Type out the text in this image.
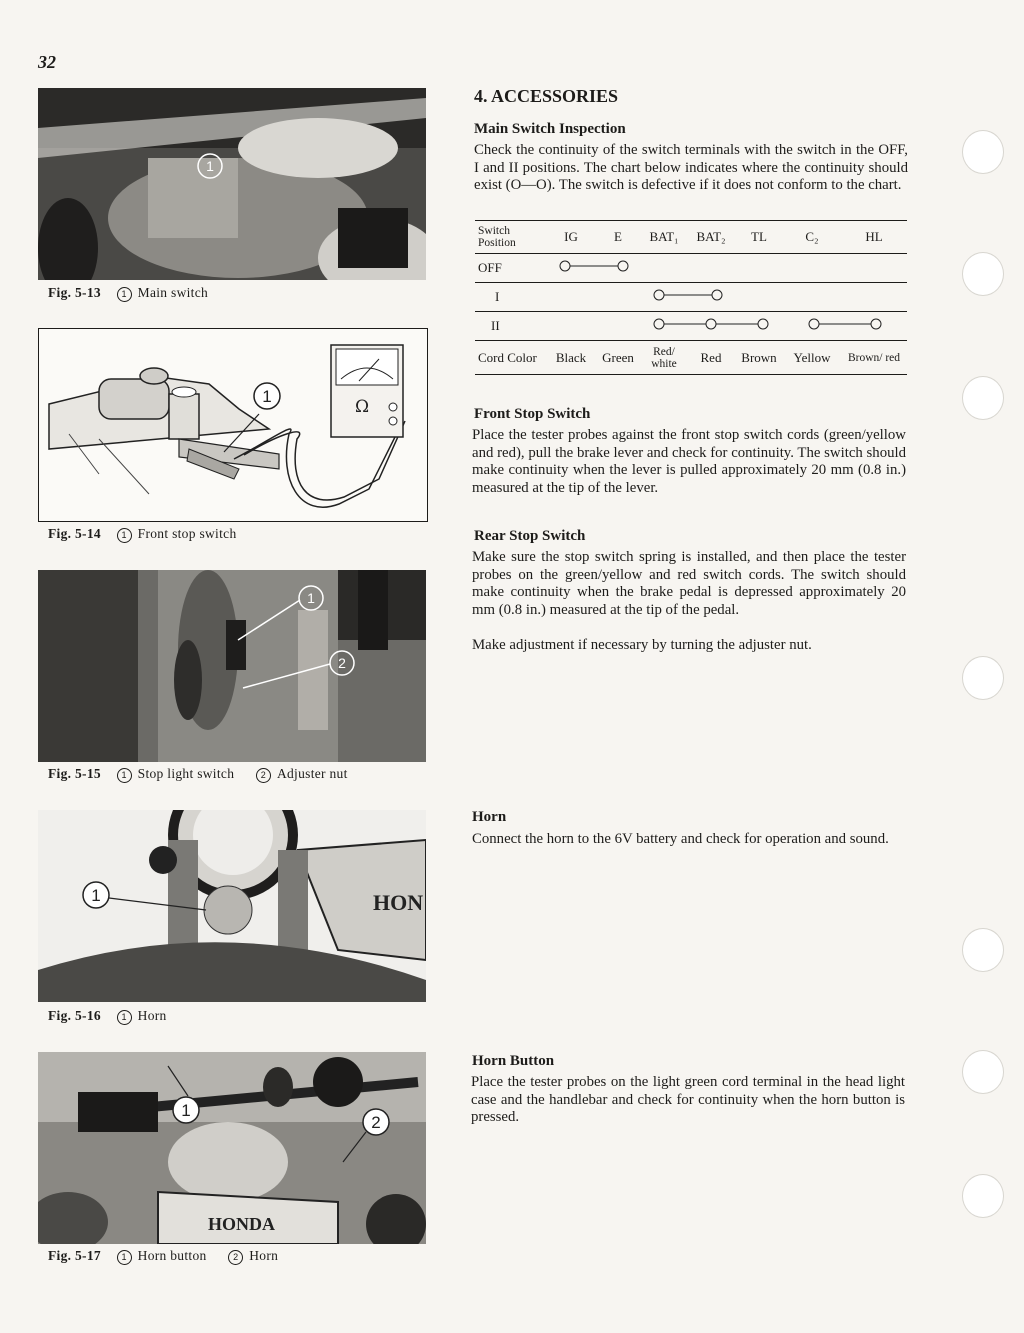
32
1
Fig. 5-13 1 Main switch
1
Ω
Fig. 5-14 1 Front stop switch
1
2
Fig. 5-15 1 Stop light switch	2 Adjuster nut
1	HON
Fig. 5-16 1 Horn
HONDA
1
2
Fig. 5-17 1 Horn button	2 Horn
4. ACCESSORIES
Main Switch Inspection

Check the continuity of the switch terminals with the switch in the OFF, I and II positions. The chart below indicates where the continuity should exist (O—O). The switch is defective if it does not conform to the chart.

Switch
Position	IG	E	BAT₁	BAT₂	TL	C₂	HL
OFF						
I						
II				
Cord Color	Black	Green	Red/ white	Red	Brown	Yellow	Brown/ red
Front Stop Switch

Place the tester probes against the front stop switch cords (green/yellow and red), pull the brake lever and check for continuity. The switch should make continuity when the lever is pulled approximately 20 mm (0.8 in.) measured at the tip of the lever.

Rear Stop Switch

Make sure the stop switch spring is installed, and then place the tester probes on the green/yellow and red switch cords. The switch should make continuity when the brake pedal is depressed approximately 20 mm (0.8 in.) measured at the tip of the pedal.

Make adjustment if necessary by turning the adjuster nut.

Horn

Connect the horn to the 6V battery and check for operation and sound.

Horn Button

Place the tester probes on the light green cord terminal in the head light case and the handlebar and check for continuity when the horn button is pressed.
